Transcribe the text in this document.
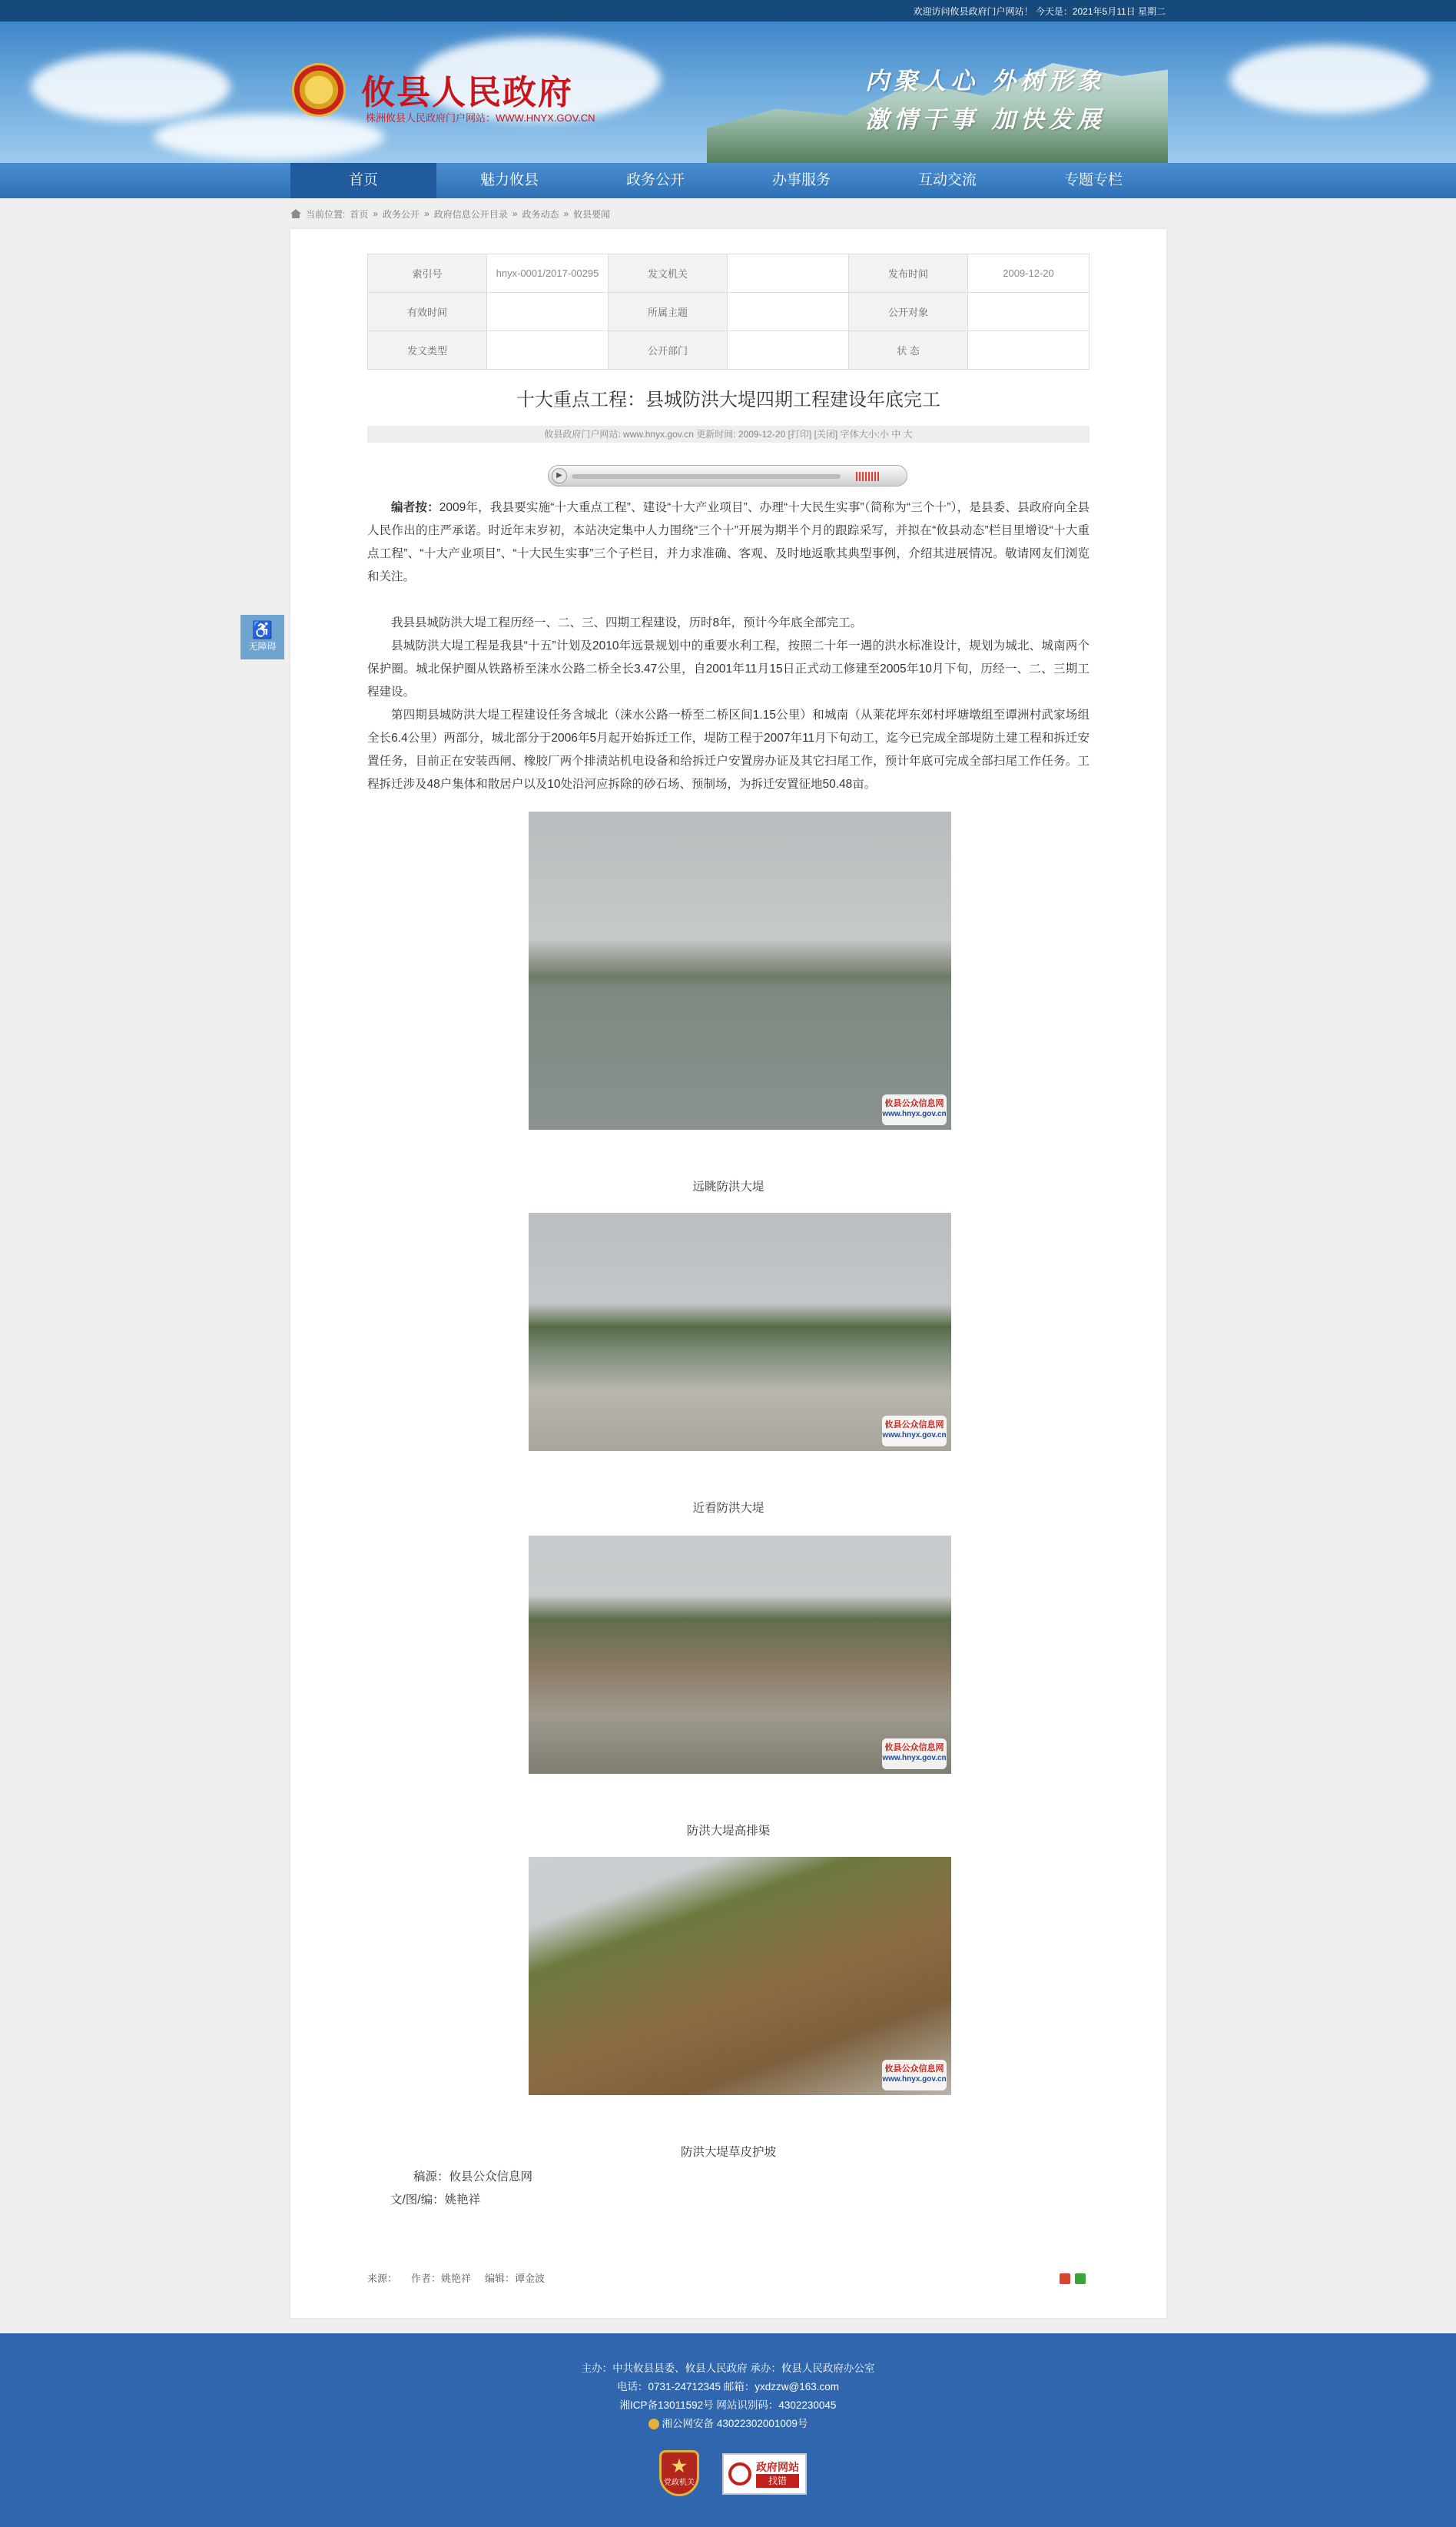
欢迎访问攸县政府门户网站！ 今天是：2021年5月11日 星期二
攸县人民政府
株洲攸县人民政府门户网站：WWW.HNYX.GOV.CN
内聚人心 外树形象
激情干事 加快发展
首页	魅力攸县	政务公开	办事服务	互动交流	专题专栏
当前位置: 首页 » 政务公开 » 政府信息公开目录 » 政务动态 » 攸县要闻
♿
无障碍
索引号	hnyx-0001/2017-00295	发文机关		发布时间	2009-12-20
有效时间		所属主题		公开对象	
发文类型		公开部门		状 态	
十大重点工程：县城防洪大堤四期工程建设年底完工
攸县政府门户网站: www.hnyx.gov.cn 更新时间: 2009-12-20 [打印] [关闭] 字体大小:小 中 大
▶

编者按：2009年，我县要实施“十大重点工程”、建设“十大产业项目”、办理“十大民生实事”（简称为“三个十”），是县委、县政府向全县人民作出的庄严承诺。时近年末岁初，本站决定集中人力围绕“三个十”开展为期半个月的跟踪采写，并拟在“攸县动态”栏目里增设“十大重点工程”、“十大产业项目”、“十大民生实事”三个子栏目，并力求准确、客观、及时地返歌其典型事例，介绍其进展情况。敬请网友们浏览和关注。

我县县城防洪大堤工程历经一、二、三、四期工程建设，历时8年，预计今年底全部完工。

县城防洪大堤工程是我县“十五”计划及2010年远景规划中的重要水利工程，按照二十年一遇的洪水标准设计，规划为城北、城南两个保护圈。城北保护圈从铁路桥至涞水公路二桥全长3.47公里，自2001年11月15日正式动工修建至2005年10月下旬，历经一、二、三期工程建设。

第四期县城防洪大堤工程建设任务含城北（涞水公路一桥至二桥区间1.15公里）和城南（从莱花坪东郊村坪塘墩组至谭洲村武家场组全长6.4公里）两部分，城北部分于2006年5月起开始拆迁工作，堤防工程于2007年11月下旬动工，迄今已完成全部堤防土建工程和拆迁安置任务，目前正在安装西闸、橡胶厂两个排渍站机电设备和给拆迁户安置房办证及其它扫尾工作，预计年底可完成全部扫尾工作任务。工程拆迁涉及48户集体和散居户以及10处沿河应拆除的砂石场、预制场，为拆迁安置征地50.48亩。

攸县公众信息网
www.hnyx.gov.cn
远眺防洪大堤
攸县公众信息网
www.hnyx.gov.cn
近看防洪大堤
攸县公众信息网
www.hnyx.gov.cn
防洪大堤高排渠
攸县公众信息网
www.hnyx.gov.cn
防洪大堤草皮护坡
稿源：攸县公众信息网
文/图/编：姚艳祥
来源： 作者：姚艳祥 编辑：谭金波
主办：中共攸县县委、攸县人民政府 承办：攸县人民政府办公室
电话：0731-24712345 邮箱：yxdzzw@163.com
湘ICP备13011592号 网站识别码：4302230045
湘公网安备 43022302001009号
★
党政机关
政府网站
找错
